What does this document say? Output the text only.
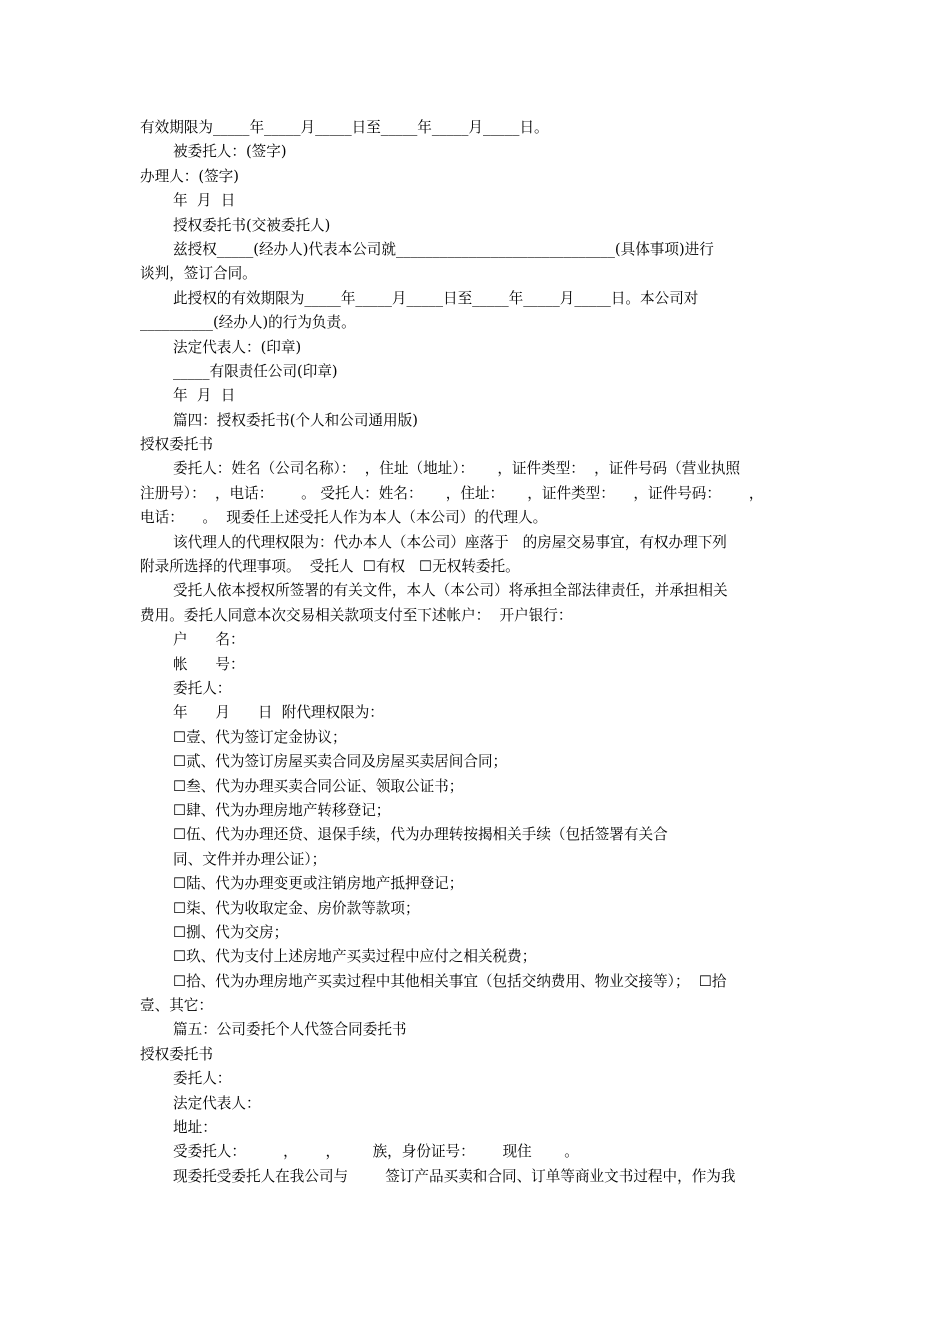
有效期限为_____年_____月_____日至_____年_____月_____日。
被委托人：(签字)
办理人：(签字)
年  月  日
授权委托书(交被委托人)
兹授权_____(经办人)代表本公司就______________________________(具体事项)进行
谈判，签订合同。
此授权的有效期限为_____年_____月_____日至_____年_____月_____日。本公司对
__________(经办人)的行为负责。
法定代表人：(印章)
_____有限责任公司(印章)
年  月  日
篇四：授权委托书(个人和公司通用版)
授权委托书
委托人：姓名（公司名称）：  ，住址（地址）：     ，证件类型：  ，证件号码（营业执照
注册号）：  ，电话：      。 受托人：姓名：     ，住址：     ，证件类型：    ，证件号码：      ，
电话：    。  现委任上述受托人作为本人（本公司）的代理人。
该代理人的代理权限为：代办本人（本公司）座落于   的房屋交易事宜，有权办理下列
附录所选择的代理事项。  受托人  ☐有权   ☐无权转委托。
受托人依本授权所签署的有关文件，本人（本公司）将承担全部法律责任，并承担相关
费用。委托人同意本次交易相关款项支付至下述帐户：  开户银行：
户      名：
帐      号：
委托人：
年      月      日  附代理权限为：
☐壹、代为签订定金协议；
☐贰、代为签订房屋买卖合同及房屋买卖居间合同；
☐叁、代为办理买卖合同公证、领取公证书；
☐肆、代为办理房地产转移登记；
☐伍、代为办理还贷、退保手续，代为办理转按揭相关手续（包括签署有关合
同、文件并办理公证）；
☐陆、代为办理变更或注销房地产抵押登记；
☐柒、代为收取定金、房价款等款项；
☐捌、代为交房；
☐玖、代为支付上述房地产买卖过程中应付之相关税费；
☐拾、代为办理房地产买卖过程中其他相关事宜（包括交纳费用、物业交接等）；  ☐拾
壹、其它：
篇五：公司委托个人代签合同委托书
授权委托书
委托人：
法定代表人：
地址：
受委托人：        ，      ，       族，身份证号：      现住       。
现委托受委托人在我公司与        签订产品买卖和合同、订单等商业文书过程中，作为我
